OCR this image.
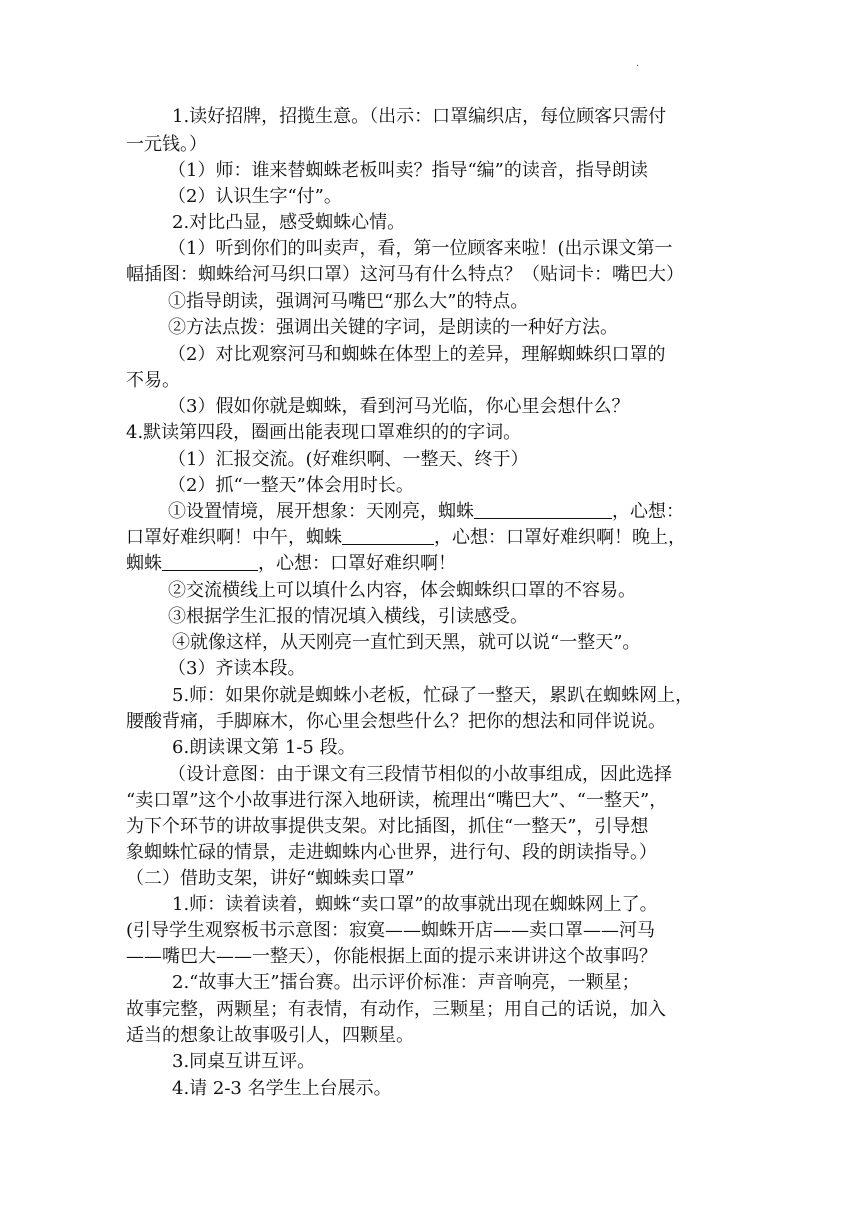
.
1.读好招牌，招揽生意。（出示：口罩编织店，每位顾客只需付
一元钱。）
（1）师：谁来替蜘蛛老板叫卖？指导“编”的读音，指导朗读
（2）认识生字“付”。
2.对比凸显，感受蜘蛛心情。
（1）听到你们的叫卖声，看，第一位顾客来啦！(出示课文第一
幅插图：蜘蛛给河马织口罩）这河马有什么特点？（贴词卡：嘴巴大）
①指导朗读，强调河马嘴巴“那么大”的特点。
②方法点拨：强调出关键的字词，是朗读的一种好方法。
（2）对比观察河马和蜘蛛在体型上的差异，理解蜘蛛织口罩的
不易。
（3）假如你就是蜘蛛，看到河马光临，你心里会想什么？
4.默读第四段，圈画出能表现口罩难织的的字词。
（1）汇报交流。(好难织啊、一整天、终于）
（2）抓“一整天”体会用时长。
①设置情境，展开想象：天刚亮，蜘蛛	，心想：
口罩好难织啊！中午，蜘蛛	，心想：口罩好难织啊！晚上，
蜘蛛	，心想：口罩好难织啊！
②交流横线上可以填什么内容，体会蜘蛛织口罩的不容易。
③根据学生汇报的情况填入横线，引读感受。
④就像这样，从天刚亮一直忙到天黑，就可以说“一整天”。
（3）齐读本段。
5.师：如果你就是蜘蛛小老板，忙碌了一整天，累趴在蜘蛛网上，
腰酸背痛，手脚麻木，你心里会想些什么？把你的想法和同伴说说。
6.朗读课文第 1-5 段。
（设计意图：由于课文有三段情节相似的小故事组成，因此选择
“卖口罩”这个小故事进行深入地研读，梳理出“嘴巴大”、“一整天”，
为下个环节的讲故事提供支架。对比插图，抓住“一整天”，引导想
象蜘蛛忙碌的情景，走进蜘蛛内心世界，进行句、段的朗读指导。）
（二）借助支架，讲好“蜘蛛卖口罩”
1.师：读着读着，蜘蛛“卖口罩”的故事就出现在蜘蛛网上了。
(引导学生观察板书示意图：寂寞——蜘蛛开店——卖口罩——河马
——嘴巴大——一整天），你能根据上面的提示来讲讲这个故事吗？
2.“故事大王”擂台赛。出示评价标准：声音响亮，一颗星；
故事完整，两颗星；有表情，有动作，三颗星；用自己的话说，加入
适当的想象让故事吸引人，四颗星。
3.同桌互讲互评。
4.请 2-3 名学生上台展示。
